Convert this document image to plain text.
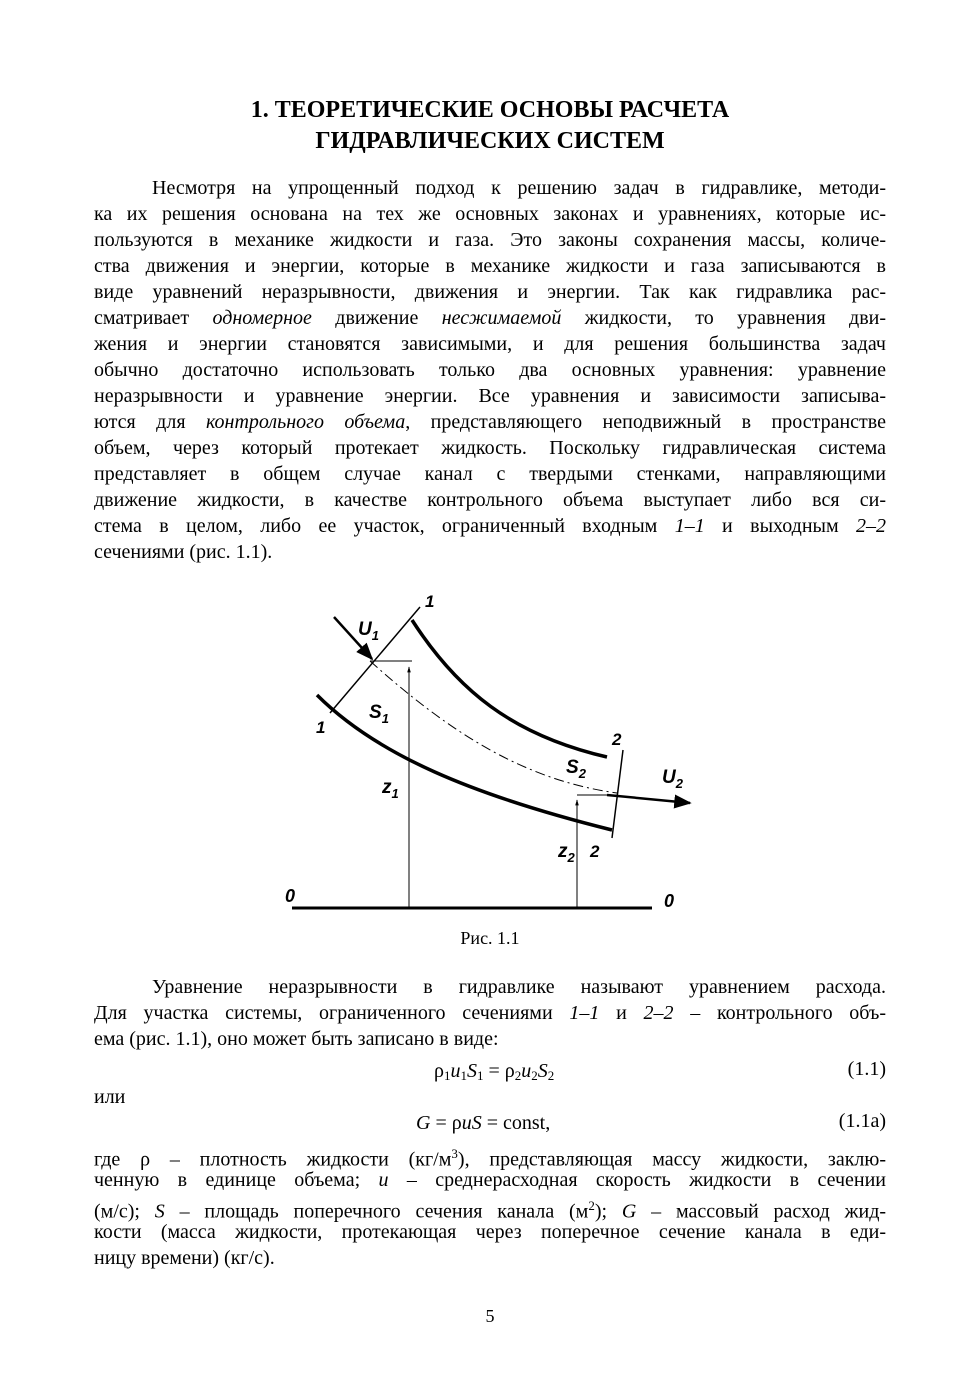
1. ТЕОРЕТИЧЕСКИЕ ОСНОВЫ РАСЧЕТА
ГИДРАВЛИЧЕСКИХ СИСТЕМ
Несмотря на упрощенный подход к решению задач в гидравлике, методи-
ка их решения основана на тех же основных законах и уравнениях, которые ис-
пользуются в механике жидкости и газа. Это законы сохранения массы, количе-
ства движения и энергии, которые в механике жидкости и газа записываются в
виде уравнений неразрывности, движения и энергии. Так как гидравлика рас-
сматривает одномерное движение несжимаемой жидкости, то уравнения дви-
жения и энергии становятся зависимыми, и для решения большинства задач
обычно достаточно использовать только два основных уравнения: уравнение
неразрывности и уравнение энергии. Все уравнения и зависимости записыва-
ются для контрольного объема, представляющего неподвижный в пространстве
объем, через который протекает жидкость. Поскольку гидравлическая система
представляет в общем случае канал с твердыми стенками, направляющими
движение жидкости, в качестве контрольного объема выступает либо вся си-
стема в целом, либо ее участок, ограниченный входным 1–1 и выходным 2–2
сечениями (рис. 1.1).
$U_1$
1
1
$S_1$
$z_1$
2
$S_2$	$U_2$
$z_2$ 2
0	0
Рис. 1.1
Уравнение неразрывности в гидравлике называют уравнением расхода.
Для участка системы, ограниченного сечениями 1–1 и 2–2 – контрольного объ-
ема (рис. 1.1), оно может быть записано в виде:
$\rho_1u_1S_1 = \rho_2u_2S_2$	(1.1)
или
G = ρuS = const,	(1.1а)
где ρ – плотность жидкости $(кг/м^3)$, представляющая массу жидкости, заклю-
ченную в единице объема; u – среднерасходная скорость жидкости в сечении
(м/с); S – площадь поперечного сечения канала $(м^2)$; G – массовый расход жид-
кости (масса жидкости, протекающая через поперечное сечение канала в еди-
ницу времени) (кг/с).
5
